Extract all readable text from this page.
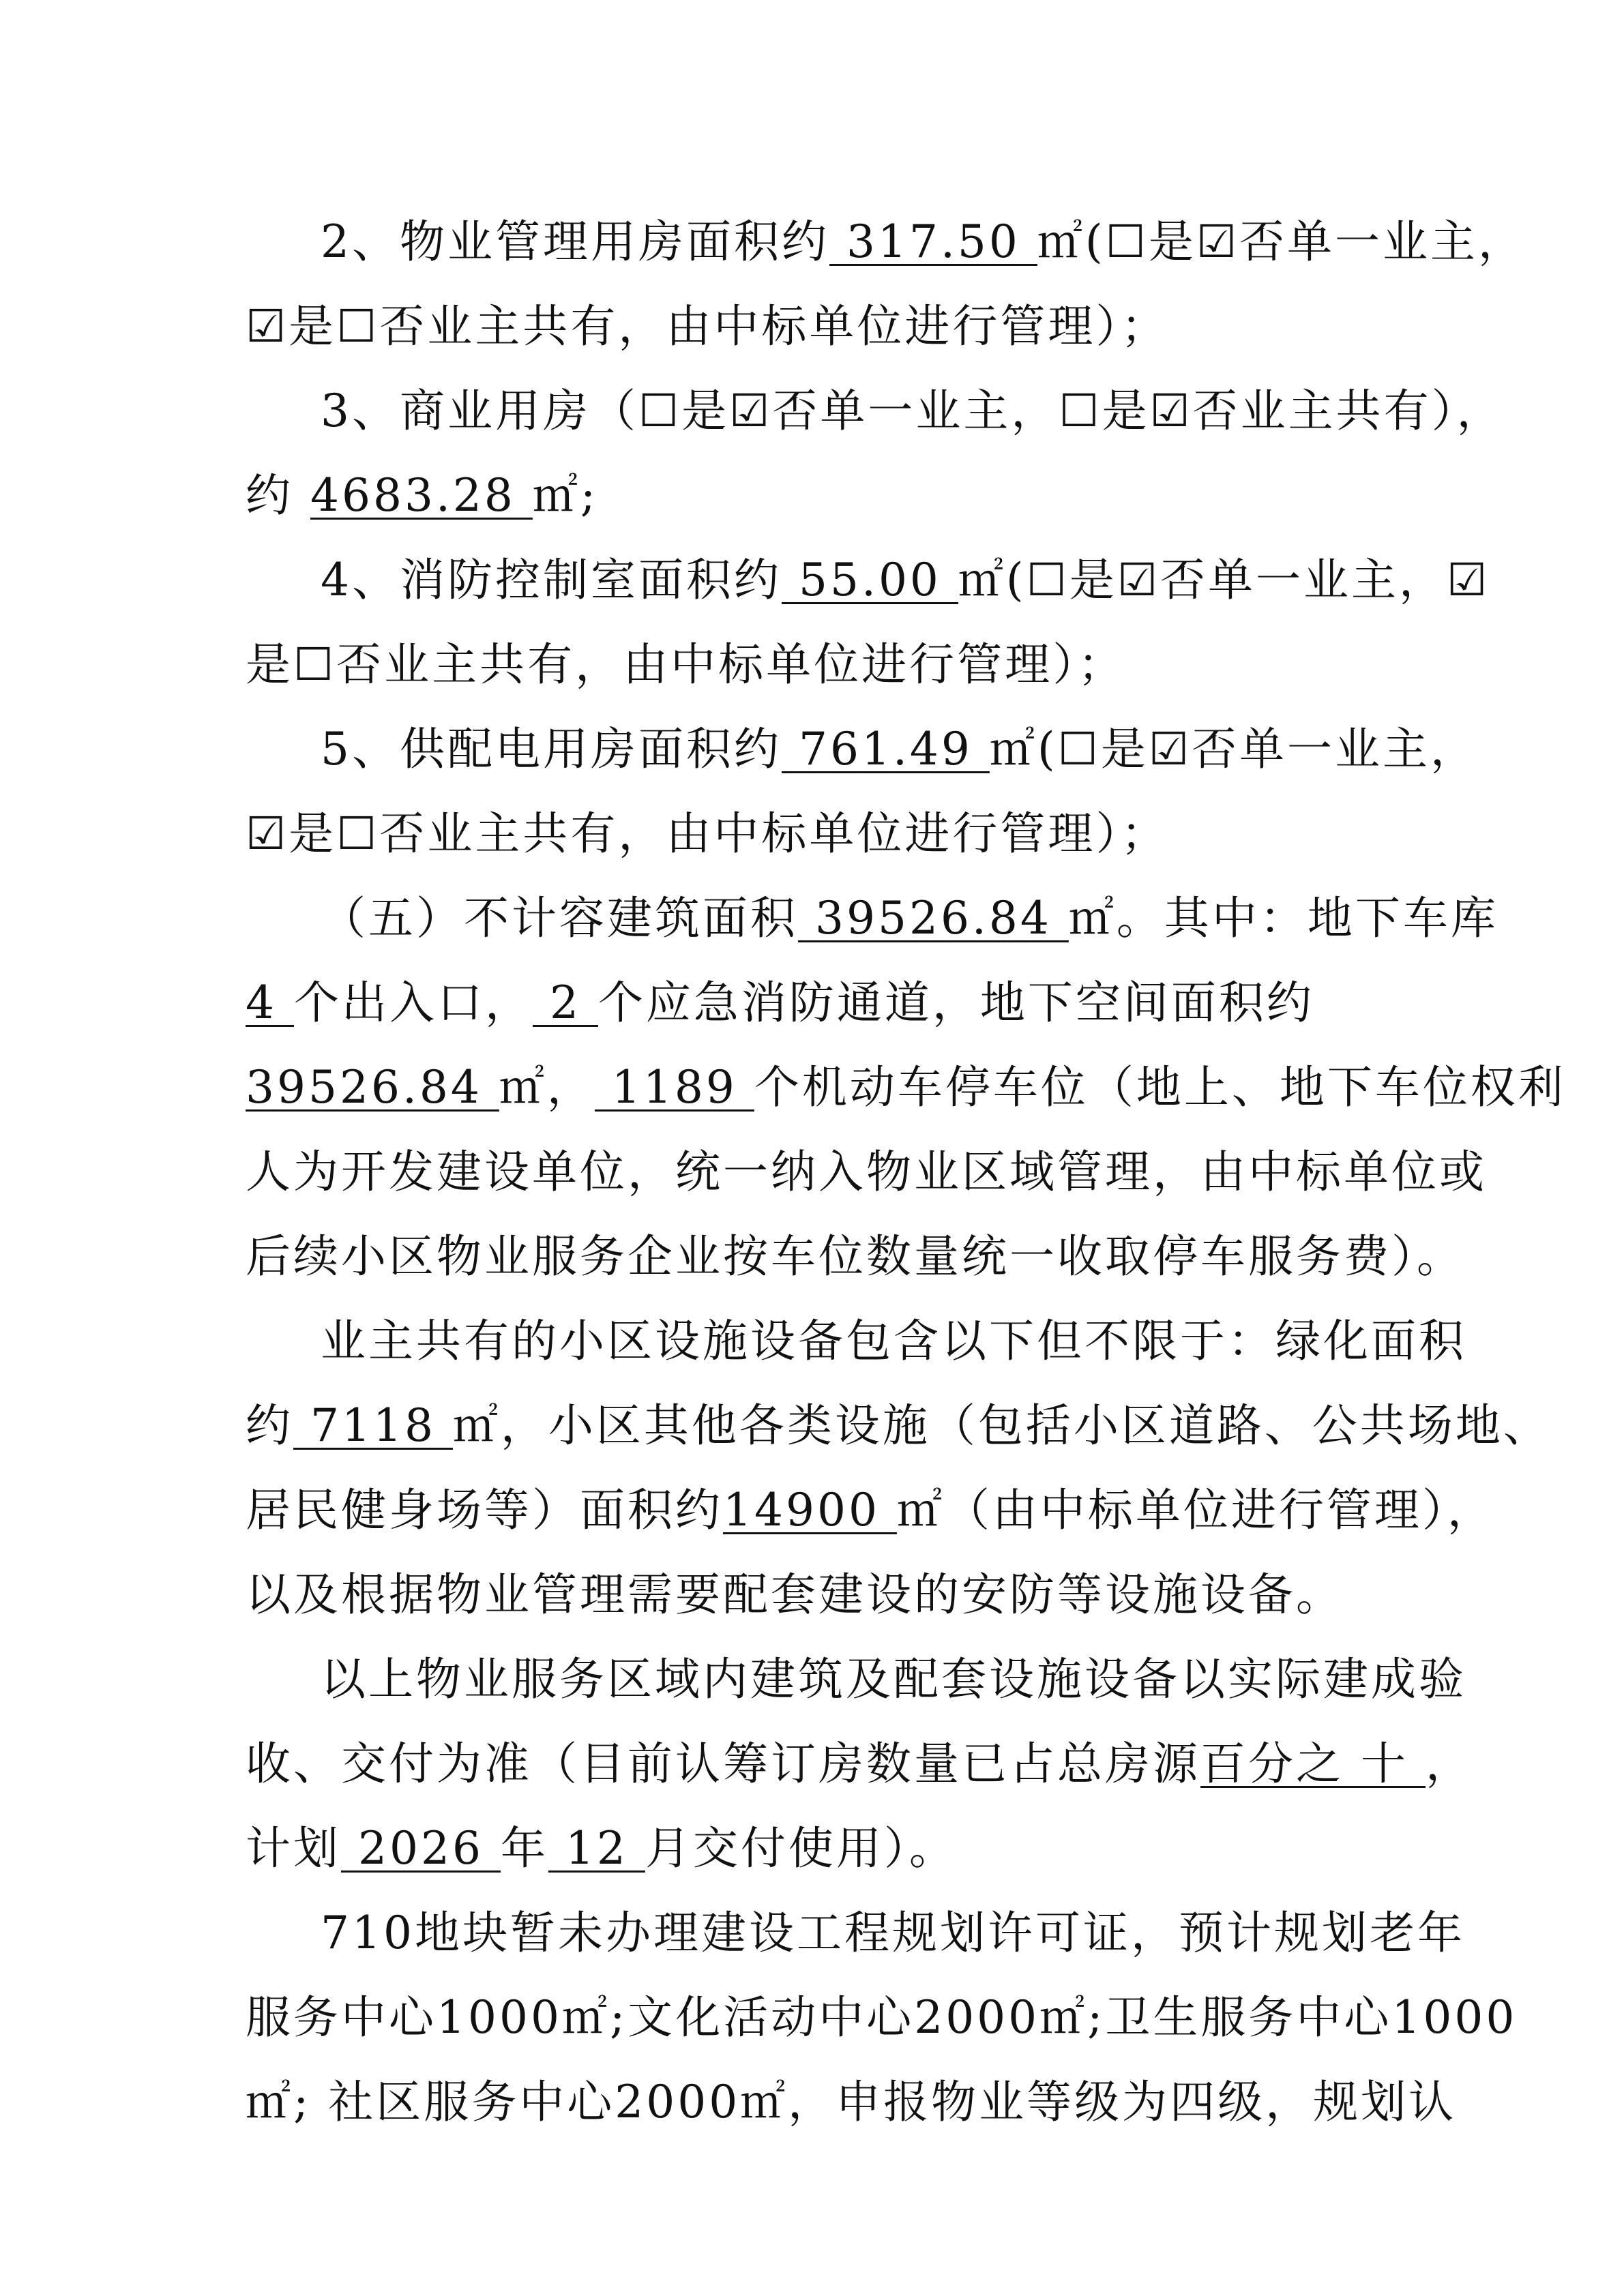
2、物业管理用房面积约 317.50 ㎡(☐是☑否单一业主，
☑是☐否业主共有，由中标单位进行管理）；
3、商业用房（☐是☑否单一业主，☐是☑否业主共有），
约 4683.28 ㎡;
4、消防控制室面积约 55.00 ㎡(☐是☑否单一业主，☑
是☐否业主共有，由中标单位进行管理）；
5、供配电用房面积约 761.49 ㎡(☐是☑否单一业主，
☑是☐否业主共有，由中标单位进行管理）；
（五）不计容建筑面积 39526.84 ㎡。其中：地下车库
4 个出入口， 2 个应急消防通道，地下空间面积约
39526.84 ㎡， 1189 个机动车停车位（地上、地下车位权利
人为开发建设单位，统一纳入物业区域管理，由中标单位或
后续小区物业服务企业按车位数量统一收取停车服务费）。
业主共有的小区设施设备包含以下但不限于：绿化面积
约 7118 ㎡，小区其他各类设施（包括小区道路、公共场地、
居民健身场等）面积约14900 ㎡（由中标单位进行管理），
以及根据物业管理需要配套建设的安防等设施设备。
以上物业服务区域内建筑及配套设施设备以实际建成验
收、交付为准（目前认筹订房数量已占总房源百分之 十 ，
计划 2026 年 12 月交付使用）。
710地块暂未办理建设工程规划许可证，预计规划老年
服务中心1000㎡;文化活动中心2000㎡;卫生服务中心1000
㎡; 社区服务中心2000㎡，申报物业等级为四级，规划认
